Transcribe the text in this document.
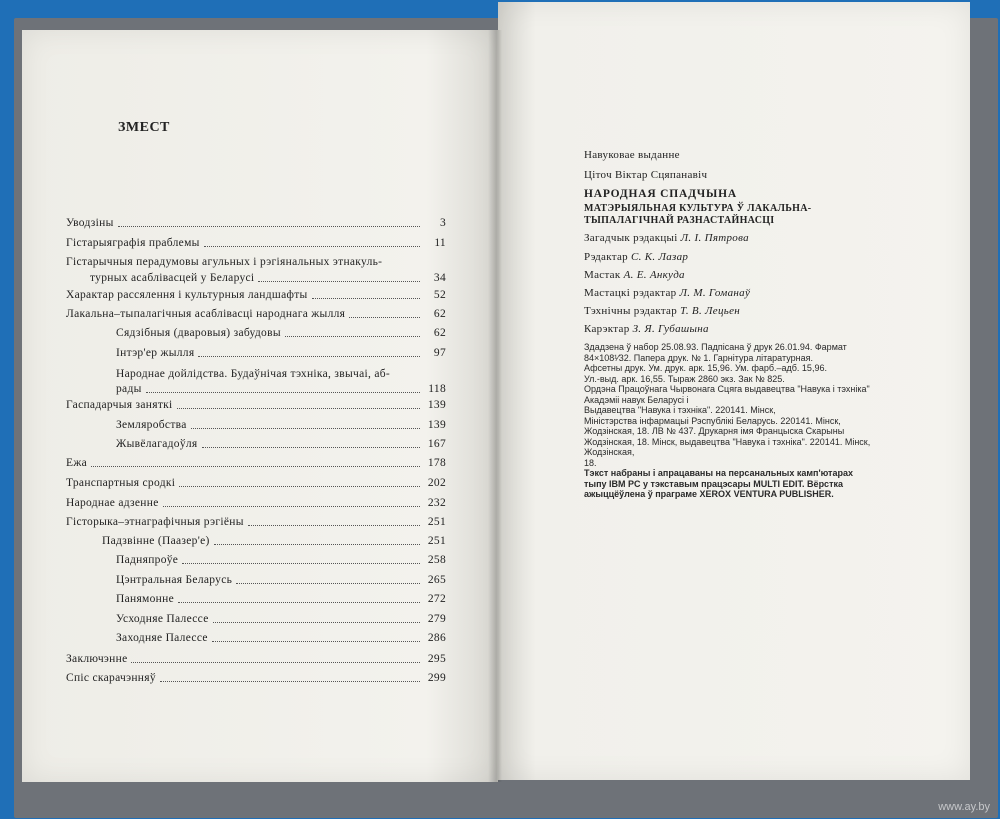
ЗМЕСТ
Уводзіны	3
Гістарыяграфія праблемы	11
Гістарычныя перадумовы агульных і рэгіянальных этнакуль-
турных асаблівасцей у Беларусі	34
Характар рассялення і культурныя ландшафты	52
Лакальна–тыпалагічныя асаблівасці народнага жылля	62
Сядзібныя (дваровыя) забудовы	62
Інтэр'ер жылля	97
Народнае дойлідства. Будаўнічая тэхніка, звычаі, аб-
рады	118
Гаспадарчыя заняткі	139
Земляробства	139
Жывёлагадоўля	167
Ежа	178
Транспартныя сродкі	202
Народнае адзенне	232
Гісторыка–этнаграфічныя рэгіёны	251
Падзвінне (Паазер'е)	251
Падняпроўе	258
Цэнтральная Беларусь	265
Панямонне	272
Усходняе Палессе	279
Заходняе Палессе	286
Заключэнне	295
Спіс скарачэнняў	299
Навуковае выданне
Ціточ Віктар Сцяпанавіч
НАРОДНАЯ СПАДЧЫНА
МАТЭРЫЯЛЬНАЯ КУЛЬТУРА Ў ЛАКАЛЬНА-
ТЫПАЛАГІЧНАЙ РАЗНАСТАЙНАСЦІ
Загадчык рэдакцыі Л. І. Пятрова
Рэдактар С. К. Лазар
Мастак А. Е. Анкуда
Мастацкі рэдактар Л. М. Гоманаў
Тэхнічны рэдактар Т. В. Лецьен
Карэктар З. Я. Губашына

Здадзена ў набор 25.08.93. Падпісана ў друк 26.01.94. Фармат

84×108¹⁄32. Папера друк. № 1. Гарнітура літаратурная.

Афсетны друк. Ум. друк. арк. 15,96. Ум. фарб.–адб. 15,96.

Ул.-выд. арк. 16,55. Тыраж 2860 экз. Зак № 825.

Ордэна Працоўнага Чырвонага Сцяга выдавецтва "Навука і тэхніка" Акадэміі навук Беларусі і

Выдавецтва "Навука і тэхніка". 220141. Мінск,

Міністэрства інфармацыі Рэспублікі Беларусь. 220141. Мінск,

Жодзінская, 18. ЛВ № 437. Друкарня імя Францыска Скарыны

Жодзінская, 18. Мінск, выдавецтва "Навука і тэхніка". 220141. Мінск, Жодзінская,

18.

Тэкст набраны і апрацаваны на персанальных камп'ютарах

тыпу IBM PC у тэкставым працэсары MULTI EDIT. Вёрстка

ажыццёўлена ў праграме XEROX VENTURA PUBLISHER.

www.ay.by
